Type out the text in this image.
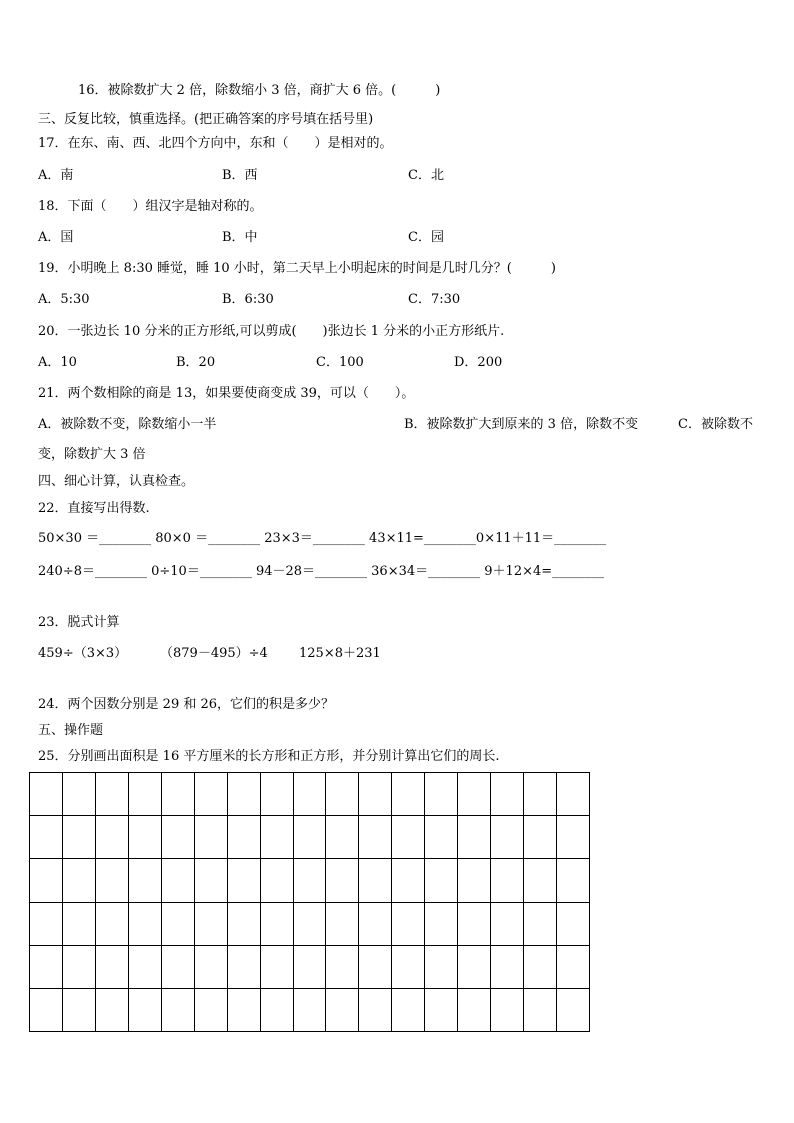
16．被除数扩大 2 倍，除数缩小 3 倍，商扩大 6 倍。(　　　)
三、反复比较，慎重选择。(把正确答案的序号填在括号里)
17．在东、南、西、北四个方向中，东和（　　）是相对的。
A．南	B．西	C．北
18．下面（　　）组汉字是轴对称的。
A．国	B．中	C．园
19．小明晚上 8:30 睡觉，睡 10 小时，第二天早上小明起床的时间是几时几分？(　　　)
A．5:30	B．6:30	C．7:30
20．一张边长 10 分米的正方形纸,可以剪成(　　)张边长 1 分米的小正方形纸片.
A．10	B．20	C．100	D．200
21．两个数相除的商是 13，如果要使商变成 39，可以（　　）。
A．被除数不变，除数缩小一半	B．被除数扩大到原来的 3 倍，除数不变	C．被除数不
变，除数扩大 3 倍
四、细心计算，认真检查。
22．直接写出得数.
50×30 ＝________ 80×0 ＝________ 23×3＝________ 43×11=________0×11＋11＝________
240÷8＝________ 0÷10＝________ 94－28＝________ 36×34＝________ 9＋12×4=________
23．脱式计算
459÷（3×3）	（879－495）÷4 125×8＋231
24．两个因数分别是 29 和 26，它们的积是多少？
五、操作题
25．分别画出面积是 16 平方厘米的长方形和正方形，并分别计算出它们的周长.
